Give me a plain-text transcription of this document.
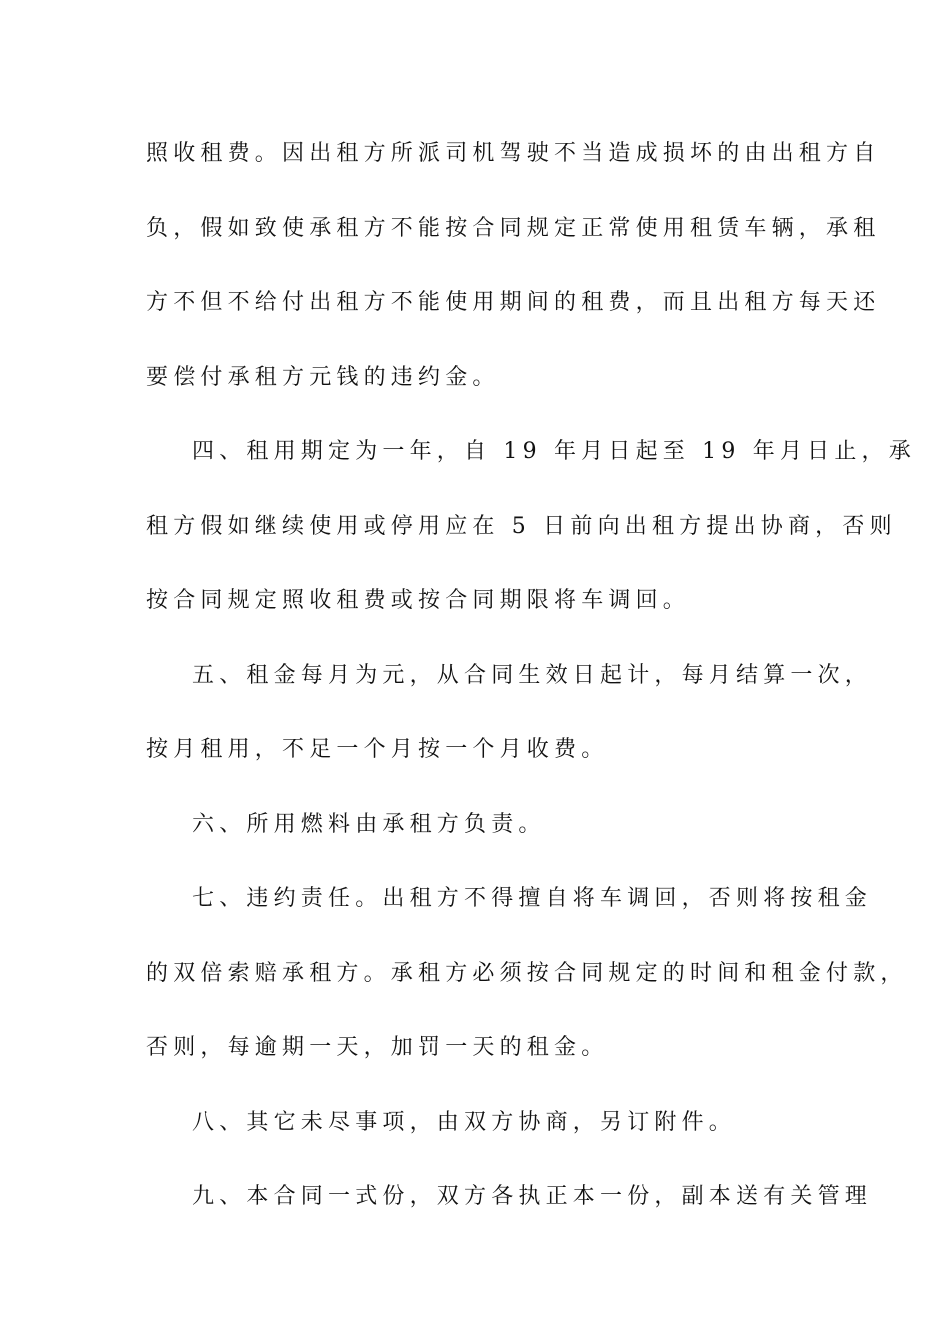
照收租费。因出租方所派司机驾驶不当造成损坏的由出租方自
负，假如致使承租方不能按合同规定正常使用租赁车辆，承租
方不但不给付出租方不能使用期间的租费，而且出租方每天还
要偿付承租方元钱的违约金。
四、租用期定为一年，自 19 年月日起至 19 年月日止，承
租方假如继续使用或停用应在 5 日前向出租方提出协商，否则
按合同规定照收租费或按合同期限将车调回。
五、租金每月为元，从合同生效日起计，每月结算一次，
按月租用，不足一个月按一个月收费。
六、所用燃料由承租方负责。
七、违约责任。出租方不得擅自将车调回，否则将按租金
的双倍索赔承租方。承租方必须按合同规定的时间和租金付款，
否则，每逾期一天，加罚一天的租金。
八、其它未尽事项，由双方协商，另订附件。
九、本合同一式份，双方各执正本一份，副本送有关管理
